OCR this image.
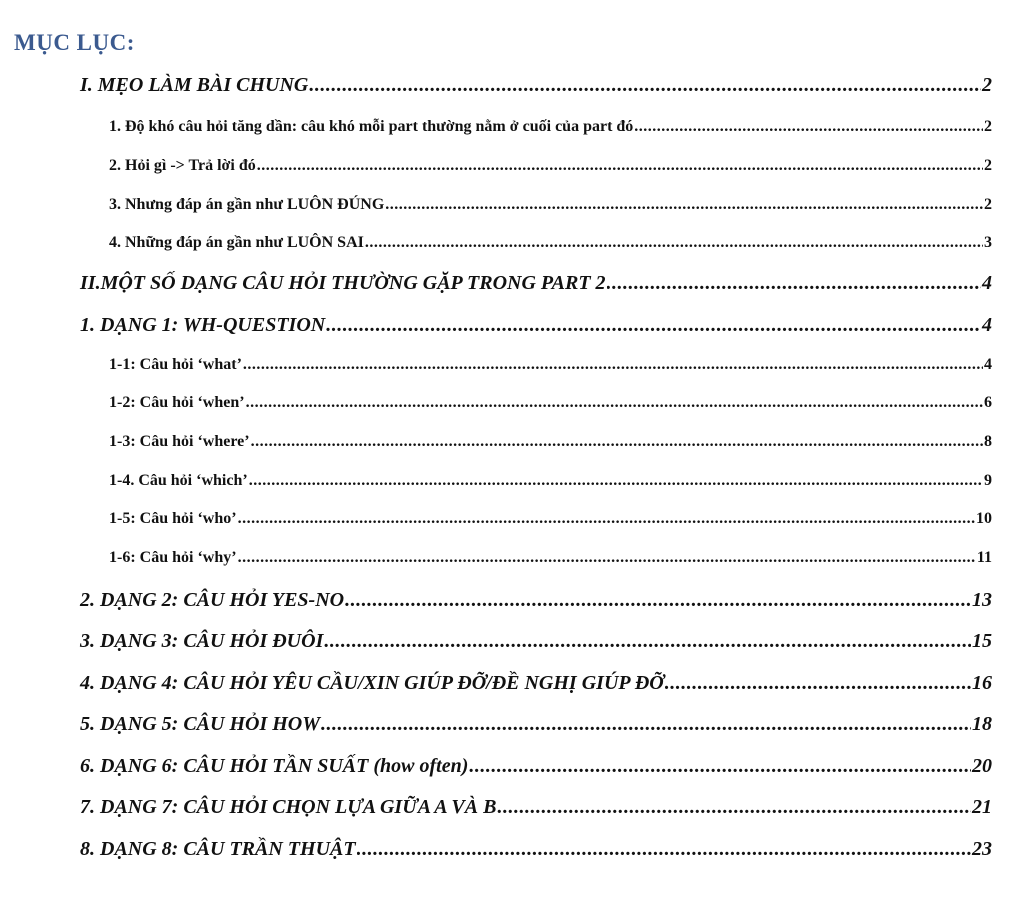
MỤC LỤC:
I. MẸO LÀM BÀI CHUNG .....	2
1. Độ khó câu hỏi tăng dần: câu khó mỗi part thường nằm ở cuối của part đó .....	2
2. Hỏi gì -> Trả lời đó .....	2
3. Nhưng đáp án gần như LUÔN ĐÚNG .....	2
4. Những đáp án gần như LUÔN SAI .....	3
II. MỘT SỐ DẠNG CÂU HỎI THƯỜNG GẶP TRONG PART 2 .....	4
1. DẠNG 1: WH-QUESTION .....	4
1-1: Câu hỏi ‘what’ .....	4
1-2: Câu hỏi ‘when’ .....	6
1-3: Câu hỏi ‘where’ .....	8
1-4. Câu hỏi ‘which’ .....	9
1-5: Câu hỏi ‘who’ .....	10
1-6: Câu hỏi ‘why’ .....	11
2. DẠNG 2: CÂU HỎI YES-NO .....	13
3. DẠNG 3: CÂU HỎI ĐUÔI .....	15
4. DẠNG 4: CÂU HỎI YÊU CẦU/XIN GIÚP ĐỠ/ĐỀ NGHỊ GIÚP ĐỠ .....	16
5. DẠNG 5: CÂU HỎI HOW .....	18
6. DẠNG 6: CÂU HỎI TẦN SUẤT (how often) .....	20
7. DẠNG 7: CÂU HỎI CHỌN LỰA GIỮA A VÀ B .....	21
8. DẠNG 8: CÂU TRẦN THUẬT .....	23
